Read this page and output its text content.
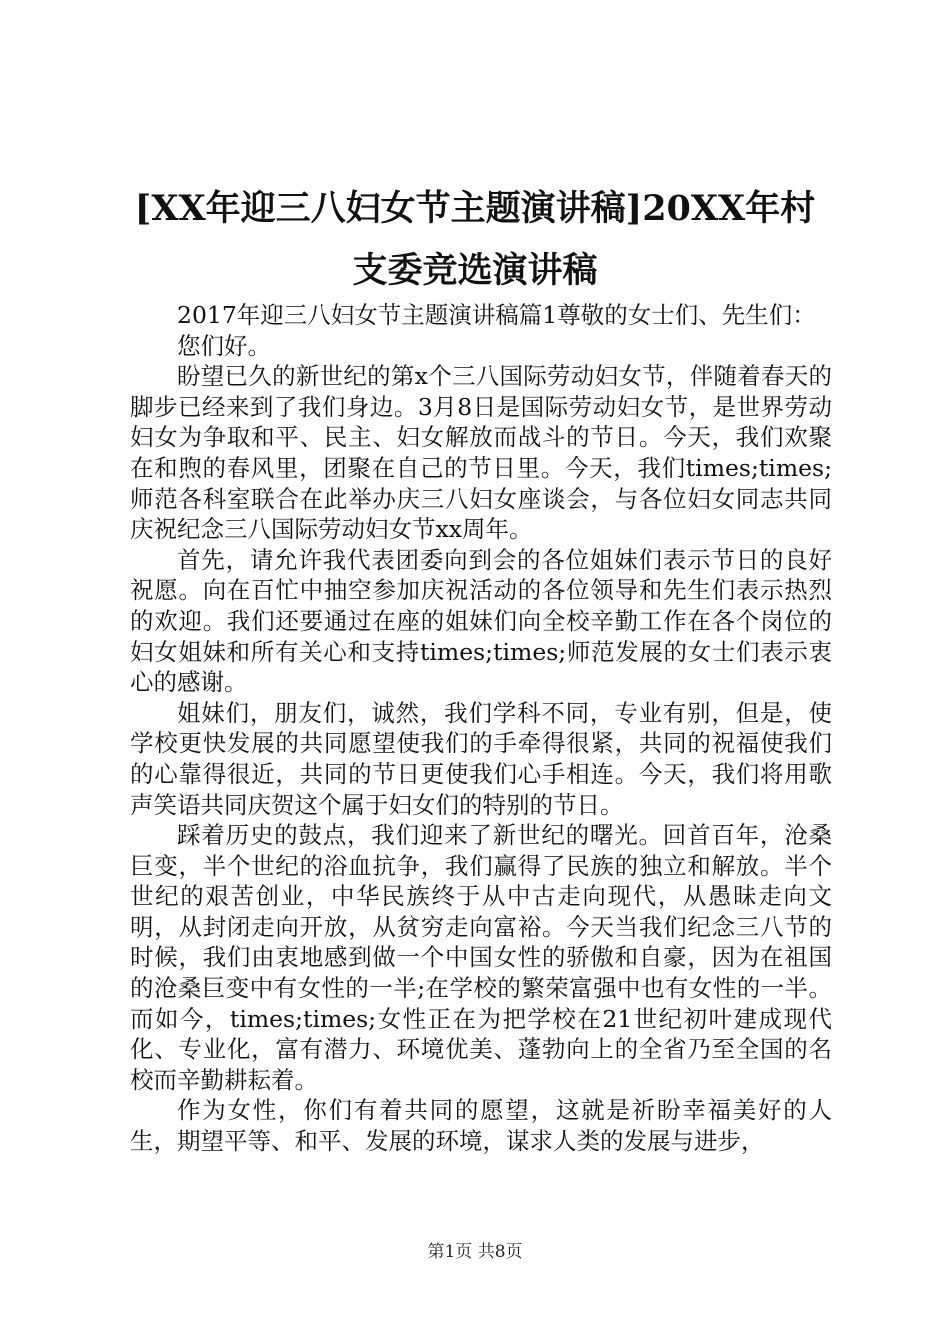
[XX年迎三八妇女节主题演讲稿]20XX年村支委竞选演讲稿

2017年迎三八妇女节主题演讲稿篇1尊敬的女士们、先生们：

您们好。

盼望已久的新世纪的第x个三八国际劳动妇女节，伴随着春天的脚步已经来到了我们身边。3月8日是国际劳动妇女节，是世界劳动妇女为争取和平、民主、妇女解放而战斗的节日。今天，我们欢聚在和煦的春风里，团聚在自己的节日里。今天，我们times;times;师范各科室联合在此举办庆三八妇女座谈会，与各位妇女同志共同庆祝纪念三八国际劳动妇女节xx周年。

首先，请允许我代表团委向到会的各位姐妹们表示节日的良好祝愿。向在百忙中抽空参加庆祝活动的各位领导和先生们表示热烈的欢迎。我们还要通过在座的姐妹们向全校辛勤工作在各个岗位的妇女姐妹和所有关心和支持times;times;师范发展的女士们表示衷心的感谢。

姐妹们，朋友们，诚然，我们学科不同，专业有别，但是，使学校更快发展的共同愿望使我们的手牵得很紧，共同的祝福使我们的心靠得很近，共同的节日更使我们心手相连。今天，我们将用歌声笑语共同庆贺这个属于妇女们的特别的节日。

踩着历史的鼓点，我们迎来了新世纪的曙光。回首百年，沧桑巨变，半个世纪的浴血抗争，我们赢得了民族的独立和解放。半个世纪的艰苦创业，中华民族终于从中古走向现代，从愚昧走向文明，从封闭走向开放，从贫穷走向富裕。今天当我们纪念三八节的时候，我们由衷地感到做一个中国女性的骄傲和自豪，因为在祖国的沧桑巨变中有女性的一半;在学校的繁荣富强中也有女性的一半。而如今，times;times;女性正在为把学校在21世纪初叶建成现代化、专业化，富有潜力、环境优美、蓬勃向上的全省乃至全国的名校而辛勤耕耘着。

作为女性，你们有着共同的愿望，这就是祈盼幸福美好的人生，期望平等、和平、发展的环境，谋求人类的发展与进步，

第1页 共8页
